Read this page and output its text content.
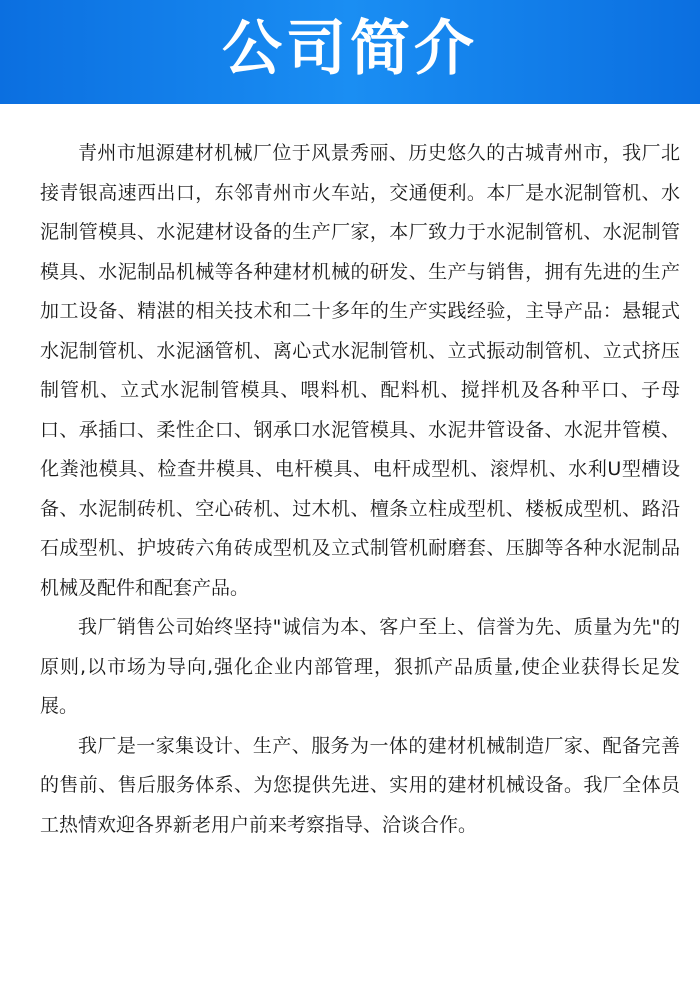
公司简介

青州市旭源建材机械厂位于风景秀丽、历史悠久的古城青州市，我厂北接青银高速西出口，东邻青州市火车站，交通便利。本厂是水泥制管机、水泥制管模具、水泥建材设备的生产厂家，本厂致力于水泥制管机、水泥制管模具、水泥制品机械等各种建材机械的研发、生产与销售，拥有先进的生产加工设备、精湛的相关技术和二十多年的生产实践经验，主导产品：悬辊式水泥制管机、水泥涵管机、离心式水泥制管机、立式振动制管机、立式挤压制管机、立式水泥制管模具、喂料机、配料机、搅拌机及各种平口、子母口、承插口、柔性企口、钢承口水泥管模具、水泥井管设备、水泥井管模、化粪池模具、检查井模具、电杆模具、电杆成型机、滚焊机、水利U型槽设备、水泥制砖机、空心砖机、过木机、檀条立柱成型机、楼板成型机、路沿石成型机、护坡砖六角砖成型机及立式制管机耐磨套、压脚等各种水泥制品机械及配件和配套产品。

我厂销售公司始终坚持"诚信为本、客户至上、信誉为先、质量为先"的原则,以市场为导向,强化企业内部管理，狠抓产品质量,使企业获得长足发展。

我厂是一家集设计、生产、服务为一体的建材机械制造厂家、配备完善的售前、售后服务体系、为您提供先进、实用的建材机械设备。我厂全体员工热情欢迎各界新老用户前来考察指导、洽谈合作。
